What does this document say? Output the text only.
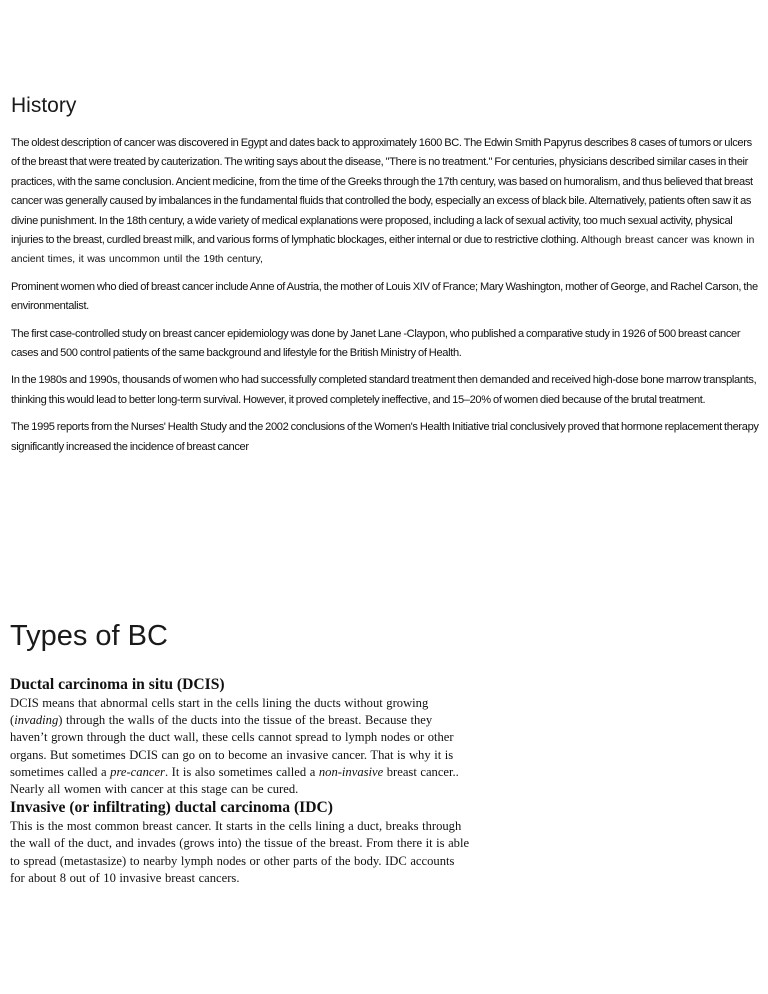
History

The oldest description of cancer was discovered in Egypt and dates back to approximately 1600 BC. The Edwin Smith Papyrus describes 8 cases of tumors or ulcers of the breast that were treated by cauterization. The writing says about the disease, "There is no treatment." For centuries, physicians described similar cases in their practices, with the same conclusion. Ancient medicine, from the time of the Greeks through the 17th century, was based on humoralism, and thus believed that breast cancer was generally caused by imbalances in the fundamental fluids that controlled the body, especially an excess of black bile. Alternatively, patients often saw it as divine punishment. In the 18th century, a wide variety of medical explanations were proposed, including a lack of sexual activity, too much sexual activity, physical injuries to the breast, curdled breast milk, and various forms of lymphatic blockages, either internal or due to restrictive clothing. Although breast cancer was known in ancient times, it was uncommon until the 19th century,

Prominent women who died of breast cancer include Anne of Austria, the mother of Louis XIV of France; Mary Washington, mother of George, and Rachel Carson, the environmentalist.

The first case-controlled study on breast cancer epidemiology was done by Janet Lane -Claypon, who published a comparative study in 1926 of 500 breast cancer cases and 500 control patients of the same background and lifestyle for the British Ministry of Health.

In the 1980s and 1990s, thousands of women who had successfully completed standard treatment then demanded and received high-dose bone marrow transplants, thinking this would lead to better long-term survival. However, it proved completely ineffective, and 15–20% of women died because of the brutal treatment.

The 1995 reports from the Nurses' Health Study and the 2002 conclusions of the Women's Health Initiative trial conclusively proved that hormone replacement therapy significantly increased the incidence of breast cancer

Types of BC
Ductal carcinoma in situ (DCIS)
DCIS means that abnormal cells start in the cells lining the ducts without growing
(invading) through the walls of the ducts into the tissue of the breast. Because they
haven’t grown through the duct wall, these cells cannot spread to lymph nodes or other
organs. But sometimes DCIS can go on to become an invasive cancer. That is why it is
sometimes called a pre-cancer. It is also sometimes called a non-invasive breast cancer..
Nearly all women with cancer at this stage can be cured.
Invasive (or infiltrating) ductal carcinoma (IDC)
This is the most common breast cancer. It starts in the cells lining a duct, breaks through
the wall of the duct, and invades (grows into) the tissue of the breast. From there it is able
to spread (metastasize) to nearby lymph nodes or other parts of the body. IDC accounts
for about 8 out of 10 invasive breast cancers.
